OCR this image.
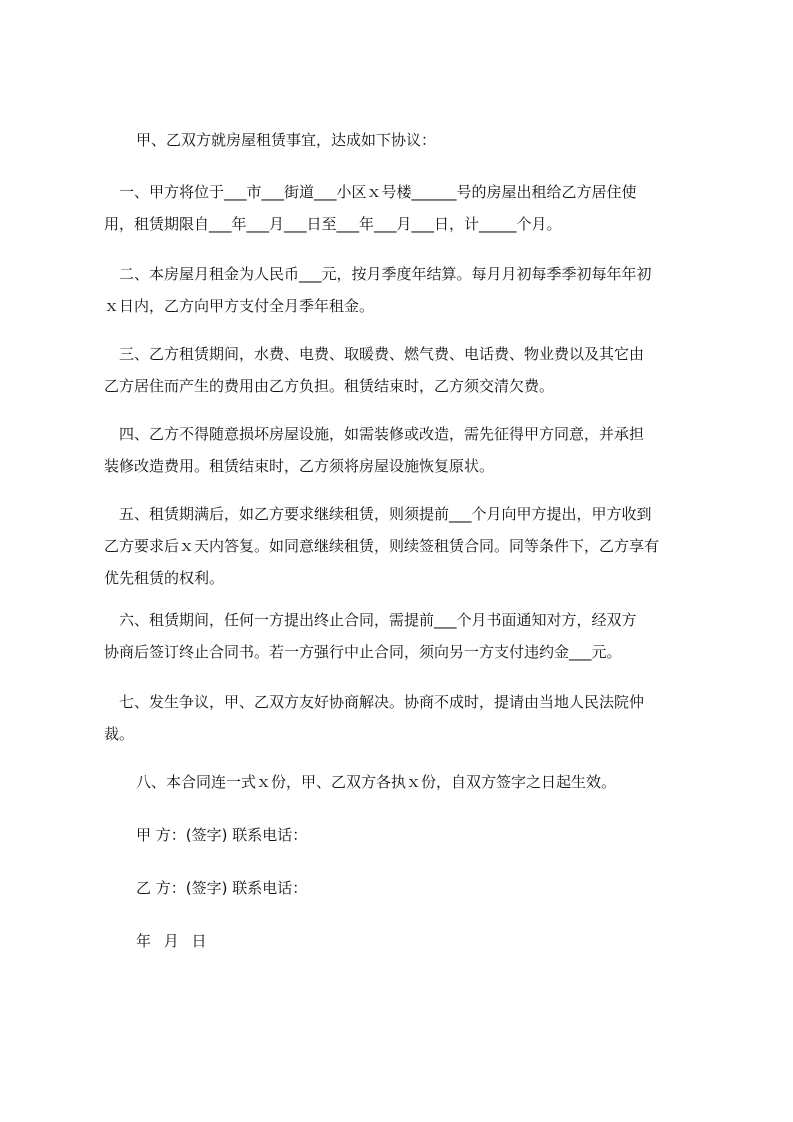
甲、乙双方就房屋租赁事宜，达成如下协议：

　一、甲方将位于___市___街道___小区ｘ号楼______号的房屋出租给乙方居住使
用，租赁期限自___年___月___日至___年___月___日，计_____个月。

　二、本房屋月租金为人民币___元，按月季度年结算。每月月初每季季初每年年初
ｘ日内，乙方向甲方支付全月季年租金。

　三、乙方租赁期间，水费、电费、取暖费、燃气费、电话费、物业费以及其它由
乙方居住而产生的费用由乙方负担。租赁结束时，乙方须交清欠费。

　四、乙方不得随意损坏房屋设施，如需装修或改造，需先征得甲方同意，并承担
装修改造费用。租赁结束时，乙方须将房屋设施恢复原状。

　五、租赁期满后，如乙方要求继续租赁，则须提前___个月向甲方提出，甲方收到
乙方要求后ｘ天内答复。如同意继续租赁，则续签租赁合同。同等条件下，乙方享有
优先租赁的权利。

　六、租赁期间，任何一方提出终止合同，需提前___个月书面通知对方，经双方
协商后签订终止合同书。若一方强行中止合同，须向另一方支付违约金___元。

　七、发生争议，甲、乙双方友好协商解决。协商不成时，提请由当地人民法院仲
裁。

八、本合同连一式ｘ份，甲、乙双方各执ｘ份，自双方签字之日起生效。

甲 方：(签字) 联系电话：

乙 方：(签字) 联系电话：

年 月 日
